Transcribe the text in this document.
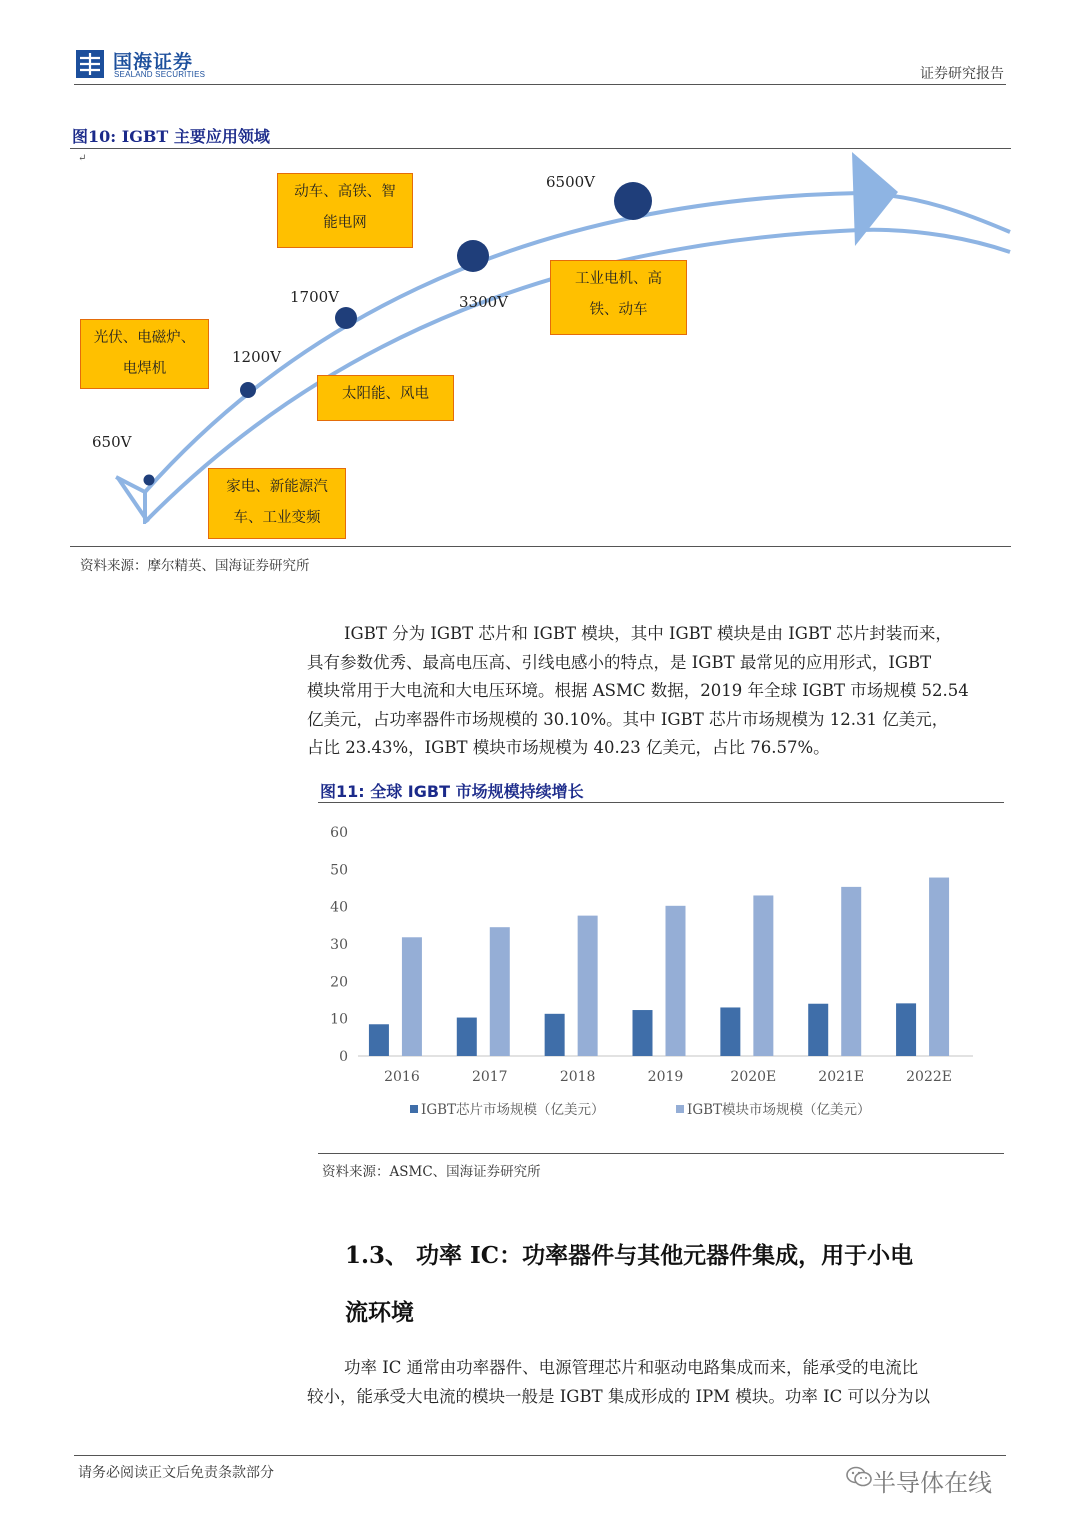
国海证券
SEALAND SECURITIES	证券研究报告
图10: IGBT 主要应用领域
↵
650V
1200V
1700V	3300V
6500V
光伏、电磁炉、
电焊机
家电、新能源汽
车、工业变频
太阳能、风电
动车、高铁、智
能电网
工业电机、高
铁、动车
资料来源：摩尔精英、国海证券研究所

IGBT 分为 IGBT 芯片和 IGBT 模块，其中 IGBT 模块是由 IGBT 芯片封装而来，

具有参数优秀、最高电压高、引线电感小的特点，是 IGBT 最常见的应用形式，IGBT

模块常用于大电流和大电压环境。根据 ASMC 数据，2019 年全球 IGBT 市场规模 52.54

亿美元，占功率器件市场规模的 30.10%。其中 IGBT 芯片市场规模为 12.31 亿美元，

占比 23.43%，IGBT 模块市场规模为 40.23 亿美元，占比 76.57%。

图11: 全球 IGBT 市场规模持续增长
0
10
20
30
40
50
60
2016	2017	2018	2019	2020E	2021E	2022E
IGBT芯片市场规模（亿美元）	IGBT模块市场规模（亿美元）
资料来源：ASMC、国海证券研究所
1.3、 功率 IC：功率器件与其他元器件集成，用于小电
流环境

功率 IC 通常由功率器件、电源管理芯片和驱动电路集成而来，能承受的电流比

较小，能承受大电流的模块一般是 IGBT 集成形成的 IPM 模块。功率 IC 可以分为以

请务必阅读正文后免责条款部分	半导体在线
